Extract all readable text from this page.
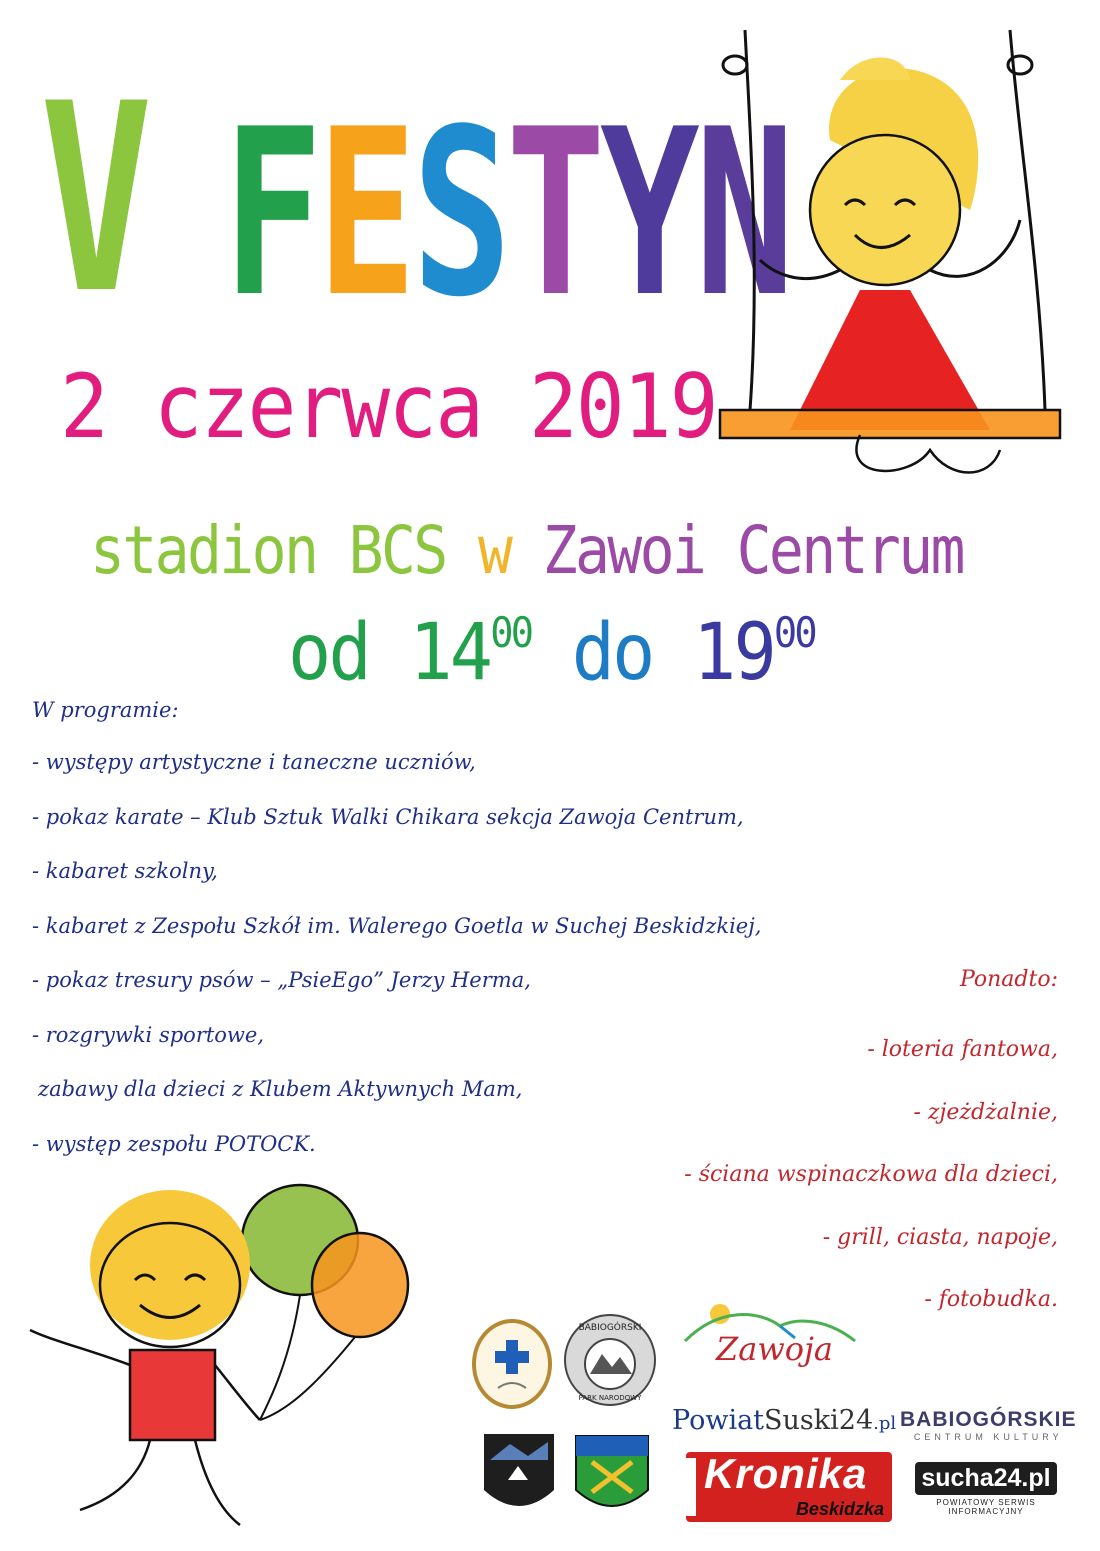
V F
E
S
T
Y
N
2 czerwca 2019
stadion BCS w Zawoi Centrum
od $14^{00}$ do $19^{00}$
W programie:
- występy artystyczne i taneczne uczniów,
- pokaz karate – Klub Sztuk Walki Chikara sekcja Zawoja Centrum,
- kabaret szkolny,
- kabaret z Zespołu Szkół im. Walerego Goetla w Suchej Beskidzkiej,
- pokaz tresury psów – „PsieEgo” Jerzy Herma,
- rozgrywki sportowe,
zabawy dla dzieci z Klubem Aktywnych Mam,
- występ zespołu POTOCK.
Ponadto:
- loteria fantowa,
- zjeżdżalnie,
- ściana wspinaczkowa dla dzieci,
- grill, ciasta, napoje,
- fotobudka.
BABIOGÓRSKI
PARK NARODOWY
Zawoja
PowiatSuski24.pl BABIOGÓRSKIE
CENTRUM KULTURY
Kronika
Beskidzka
sucha24.pl
POWIATOWY SERWIS INFORMACYJNY
